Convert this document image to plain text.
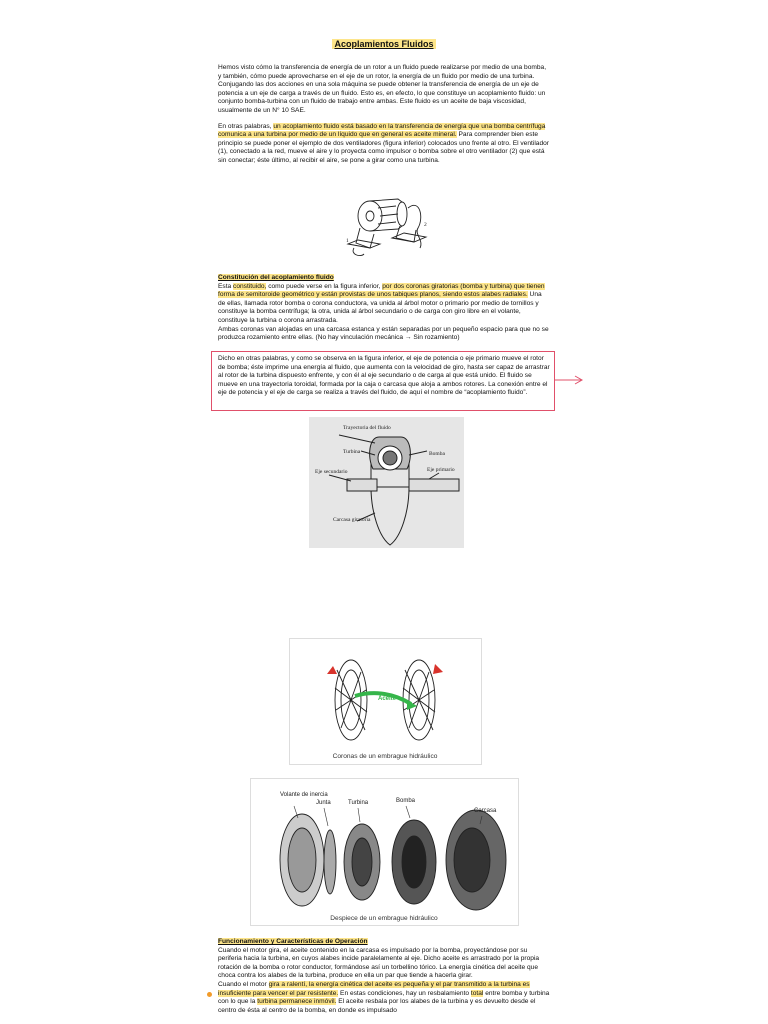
Acoplamientos Fluidos

Hemos visto cómo la transferencia de energía de un rotor a un fluido puede realizarse por medio de una bomba, y también, cómo puede aprovecharse en el eje de un rotor, la energía de un fluido por medio de una turbina. Conjugando las dos acciones en una sola máquina se puede obtener la transferencia de energía de un eje de potencia a un eje de carga a través de un fluido. Esto es, en efecto, lo que constituye un acoplamiento fluido: un conjunto bomba-turbina con un fluido de trabajo entre ambas. Este fluido es un aceite de baja viscosidad, usualmente de un N° 10 SAE.

En otras palabras, un acoplamiento fluido está basado en la transferencia de energía que una bomba centrífuga comunica a una turbina por medio de un líquido que en general es aceite mineral. Para comprender bien este principio se puede poner el ejemplo de dos ventiladores (figura inferior) colocados uno frente al otro. El ventilador (1), conectado a la red, mueve el aire y lo proyecta como impulsor o bomba sobre el otro ventilador (2) que está sin conectar; éste último, al recibir el aire, se pone a girar como una turbina.

1
2
Constitución del acoplamiento fluido
Esta constituido, como puede verse en la figura inferior, por dos coronas giratorias (bomba y turbina) que tienen forma de semitoroide geométrico y están provistas de unos tabiques planos, siendo estos alabes radiales. Una de ellas, llamada rotor bomba o corona conductora, va unida al árbol motor o primario por medio de tornillos y constituye la bomba centrífuga; la otra, unida al árbol secundario o de carga con giro libre en el volante, constituye la turbina o corona arrastrada.
Ambas coronas van alojadas en una carcasa estanca y están separadas por un pequeño espacio para que no se produzca rozamiento entre ellas. (No hay vinculación mecánica → Sin rozamiento)
Dicho en otras palabras, y como se observa en la figura inferior, el eje de potencia o eje primario mueve el rotor de bomba; éste imprime una energía al fluido, que aumenta con la velocidad de giro, hasta ser capaz de arrastrar al rotor de la turbina dispuesto enfrente, y con él al eje secundario o de carga al que está unido. El fluido se mueve en una trayectoria toroidal, formada por la caja o carcasa que aloja a ambos rotores. La conexión entre el eje de potencia y el eje de carga se realiza a través del fluido, de aquí el nombre de “acoplamiento fluido”.
Trayectoria del fluido
Turbina	Bomba
Eje secundario	Eje primario
Carcasa giratoria
Aceite
Coronas de un embrague hidráulico
Volante de inercia
Junta	Turbina	Bomba
Carcasa
Despiece de un embrague hidráulico
Funcionamiento y Características de Operación
Cuando el motor gira, el aceite contenido en la carcasa es impulsado por la bomba, proyectándose por su periferia hacia la turbina, en cuyos alabes incide paralelamente al eje. Dicho aceite es arrastrado por la propia rotación de la bomba o rotor conductor, formándose así un torbellino tórico. La energía cinética del aceite que choca contra los alabes de la turbina, produce en ella un par que tiende a hacerla girar.
Cuando el motor gira a ralentí, la energía cinética del aceite es pequeña y el par transmitido a la turbina es insuficiente para vencer el par resistente. En estas condiciones, hay un resbalamiento total entre bomba y turbina con lo que la turbina permanece inmóvil. El aceite resbala por los alabes de la turbina y es devuelto desde el centro de ésta al centro de la bomba, en donde es impulsado
